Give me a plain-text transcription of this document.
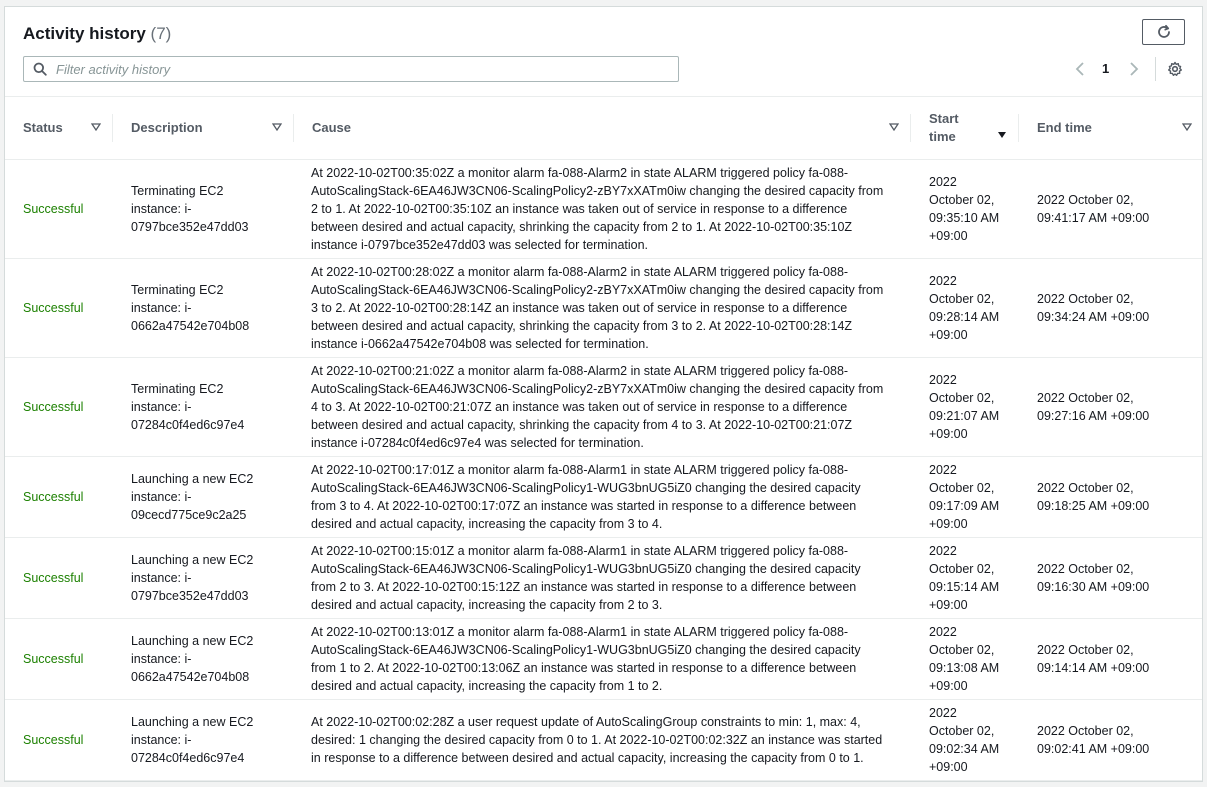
Activity history (7)
Filter activity history
1
Status	Description	Cause	Start time	End time

Successful	Terminating EC2 instance: i-0797bce352e47dd03	At 2022-10-02T00:35:02Z a monitor alarm fa-088-Alarm2 in state ALARM triggered policy fa-088-AutoScalingStack-6EA46JW3CN06-ScalingPolicy2-zBY7xXATm0iw changing the desired capacity from 2 to 1. At 2022-10-02T00:35:10Z an instance was taken out of service in response to a difference between desired and actual capacity, shrinking the capacity from 2 to 1. At 2022-10-02T00:35:10Z instance i-0797bce352e47dd03 was selected for termination.	2022 October 02, 09:35:10 AM +09:00	2022 October 02, 09:41:17 AM +09:00

Successful	Terminating EC2 instance: i-0662a47542e704b08	At 2022-10-02T00:28:02Z a monitor alarm fa-088-Alarm2 in state ALARM triggered policy fa-088-AutoScalingStack-6EA46JW3CN06-ScalingPolicy2-zBY7xXATm0iw changing the desired capacity from 3 to 2. At 2022-10-02T00:28:14Z an instance was taken out of service in response to a difference between desired and actual capacity, shrinking the capacity from 3 to 2. At 2022-10-02T00:28:14Z instance i-0662a47542e704b08 was selected for termination.	2022 October 02, 09:28:14 AM +09:00	2022 October 02, 09:34:24 AM +09:00

Successful	Terminating EC2 instance: i-07284c0f4ed6c97e4	At 2022-10-02T00:21:02Z a monitor alarm fa-088-Alarm2 in state ALARM triggered policy fa-088-AutoScalingStack-6EA46JW3CN06-ScalingPolicy2-zBY7xXATm0iw changing the desired capacity from 4 to 3. At 2022-10-02T00:21:07Z an instance was taken out of service in response to a difference between desired and actual capacity, shrinking the capacity from 4 to 3. At 2022-10-02T00:21:07Z instance i-07284c0f4ed6c97e4 was selected for termination.	2022 October 02, 09:21:07 AM +09:00	2022 October 02, 09:27:16 AM +09:00

Successful	Launching a new EC2 instance: i-09cecd775ce9c2a25	At 2022-10-02T00:17:01Z a monitor alarm fa-088-Alarm1 in state ALARM triggered policy fa-088-AutoScalingStack-6EA46JW3CN06-ScalingPolicy1-WUG3bnUG5iZ0 changing the desired capacity from 3 to 4. At 2022-10-02T00:17:07Z an instance was started in response to a difference between desired and actual capacity, increasing the capacity from 3 to 4.	2022 October 02, 09:17:09 AM +09:00	2022 October 02, 09:18:25 AM +09:00

Successful	Launching a new EC2 instance: i-0797bce352e47dd03	At 2022-10-02T00:15:01Z a monitor alarm fa-088-Alarm1 in state ALARM triggered policy fa-088-AutoScalingStack-6EA46JW3CN06-ScalingPolicy1-WUG3bnUG5iZ0 changing the desired capacity from 2 to 3. At 2022-10-02T00:15:12Z an instance was started in response to a difference between desired and actual capacity, increasing the capacity from 2 to 3.	2022 October 02, 09:15:14 AM +09:00	2022 October 02, 09:16:30 AM +09:00

Successful	Launching a new EC2 instance: i-0662a47542e704b08	At 2022-10-02T00:13:01Z a monitor alarm fa-088-Alarm1 in state ALARM triggered policy fa-088-AutoScalingStack-6EA46JW3CN06-ScalingPolicy1-WUG3bnUG5iZ0 changing the desired capacity from 1 to 2. At 2022-10-02T00:13:06Z an instance was started in response to a difference between desired and actual capacity, increasing the capacity from 1 to 2.	2022 October 02, 09:13:08 AM +09:00	2022 October 02, 09:14:14 AM +09:00

Successful	Launching a new EC2 instance: i-07284c0f4ed6c97e4	At 2022-10-02T00:02:28Z a user request update of AutoScalingGroup constraints to min: 1, max: 4, desired: 1 changing the desired capacity from 0 to 1. At 2022-10-02T00:02:32Z an instance was started in response to a difference between desired and actual capacity, increasing the capacity from 0 to 1.	2022 October 02, 09:02:34 AM +09:00	2022 October 02, 09:02:41 AM +09:00
